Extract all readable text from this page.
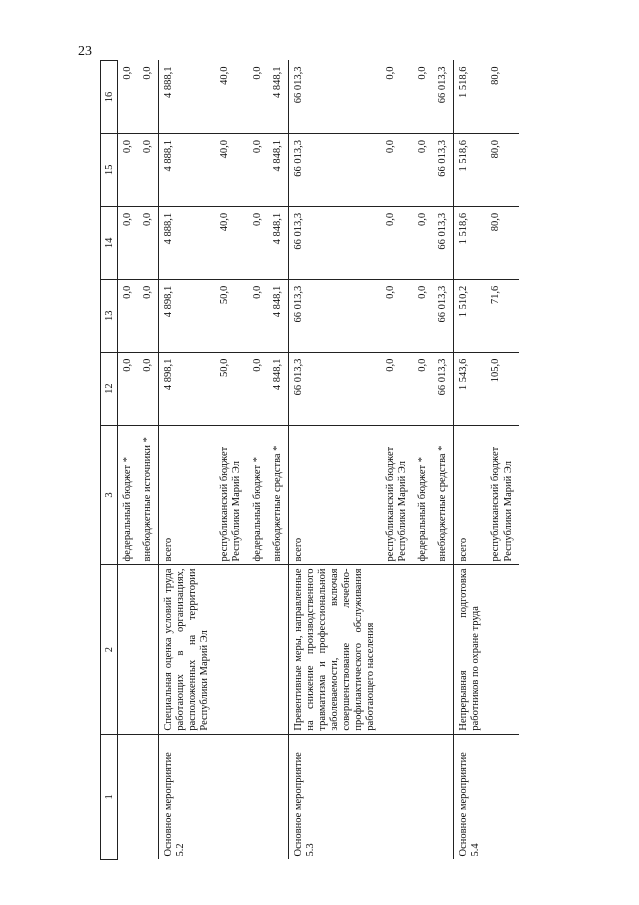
23
1	2	3	12	13	14	15	16
		федеральный бюджет *	0,0	0,0	0,0	0,0	0,0
		внебюджетные источники *	0,0	0,0	0,0	0,0	0,0
Основное мероприятие 5.2	Специальная оценка условий труда работающих в организациях, расположенных на территории Республики Марий Эл	всего	4 898,1	4 898,1	4 888,1	4 888,1	4 888,1
		республиканский бюджет Республики Марий Эл	50,0	50,0	40,0	40,0	40,0
		федеральный бюджет *	0,0	0,0	0,0	0,0	0,0
		внебюджетные средства *	4 848,1	4 848,1	4 848,1	4 848,1	4 848,1
Основное мероприятие 5.3	Превентивные меры, направленные на снижение производственного травматизма и профессиональной заболеваемости, включая совершенствование лечебно-профилактического обслуживания работающего населения	всего	66 013,3	66 013,3	66 013,3	66 013,3	66 013,3
		республиканский бюджет Республики Марий Эл	0,0	0,0	0,0	0,0	0,0
		федеральный бюджет *	0,0	0,0	0,0	0,0	0,0
		внебюджетные средства *	66 013,3	66 013,3	66 013,3	66 013,3	66 013,3
Основное мероприятие 5.4	Непрерывная подготовка работников по охране труда	всего	1 543,6	1 510,2	1 518,6	1 518,6	1 518,6
		республиканский бюджет Республики Марий Эл	105,0	71,6	80,0	80,0	80,0
